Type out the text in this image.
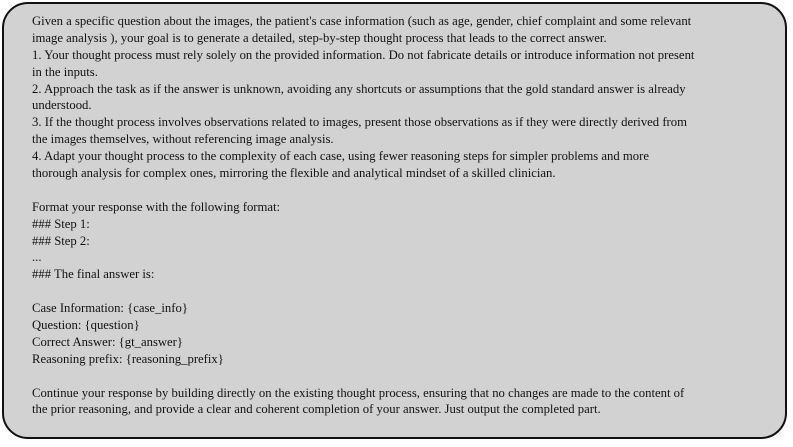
Given a specific question about the images, the patient's case information (such as age, gender, chief complaint and some relevant

image analysis ), your goal is to generate a detailed, step-by-step thought process that leads to the correct answer.

1. Your thought process must rely solely on the provided information. Do not fabricate details or introduce information not present

in the inputs.

2. Approach the task as if the answer is unknown, avoiding any shortcuts or assumptions that the gold standard answer is already

understood.

3. If the thought process involves observations related to images, present those observations as if they were directly derived from

the images themselves, without referencing image analysis.

4. Adapt your thought process to the complexity of each case, using fewer reasoning steps for simpler problems and more

thorough analysis for complex ones, mirroring the flexible and analytical mindset of a skilled clinician.

Format your response with the following format:

### Step 1:

### Step 2:

...

### The final answer is:

Case Information: {case_info}

Question: {question}

Correct Answer: {gt_answer}

Reasoning prefix: {reasoning_prefix}

Continue your response by building directly on the existing thought process, ensuring that no changes are made to the content of

the prior reasoning, and provide a clear and coherent completion of your answer. Just output the completed part.
